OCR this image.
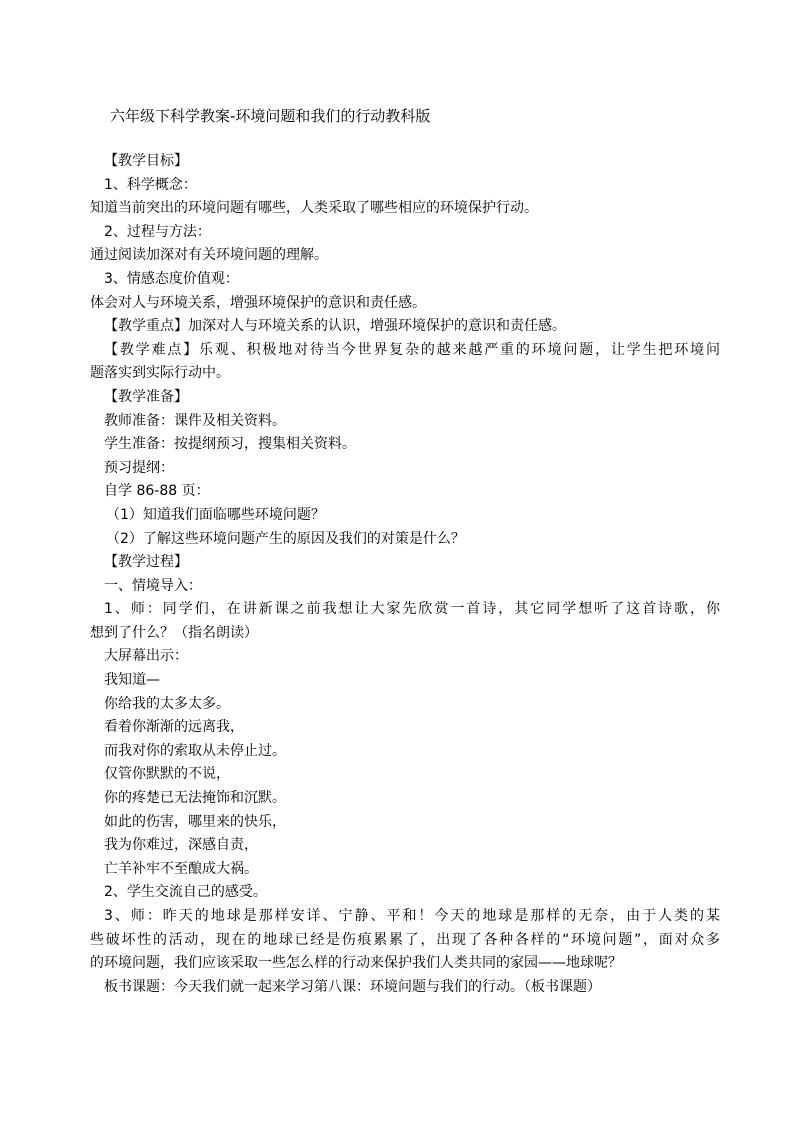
六年级下科学教案-环境问题和我们的行动教科版
【教学目标】
1、科学概念：
知道当前突出的环境问题有哪些，人类采取了哪些相应的环境保护行动。
2、过程与方法：
通过阅读加深对有关环境问题的理解。
3、情感态度价值观：
体会对人与环境关系，增强环境保护的意识和责任感。
【教学重点】加深对人与环境关系的认识，增强环境保护的意识和责任感。
【教学难点】乐观、积极地对待当今世界复杂的越来越严重的环境问题，让学生把环境问
题落实到实际行动中。
【教学准备】
教师准备：课件及相关资料。
学生准备：按提纲预习，搜集相关资料。
预习提纲：
自学 86-88 页：
（1）知道我们面临哪些环境问题？
（2）了解这些环境问题产生的原因及我们的对策是什么？
【教学过程】
一、情境导入：
1、师：同学们，在讲新课之前我想让大家先欣赏一首诗，其它同学想听了这首诗歌，你
想到了什么？（指名朗读）
大屏幕出示：
我知道—
你给我的太多太多。
看着你渐渐的远离我，
而我对你的索取从未停止过。
仅管你默默的不说，
你的疼楚已无法掩饰和沉默。
如此的伤害，哪里来的快乐，
我为你难过，深感自责，
亡羊补牢不至酿成大祸。
2、学生交流自己的感受。
3、师：昨天的地球是那样安详、宁静、平和！今天的地球是那样的无奈，由于人类的某
些破坏性的活动，现在的地球已经是伤痕累累了，出现了各种各样的“环境问题”，面对众多
的环境问题，我们应该采取一些怎么样的行动来保护我们人类共同的家园——地球呢？
板书课题：今天我们就一起来学习第八课：环境问题与我们的行动。（板书课题）
